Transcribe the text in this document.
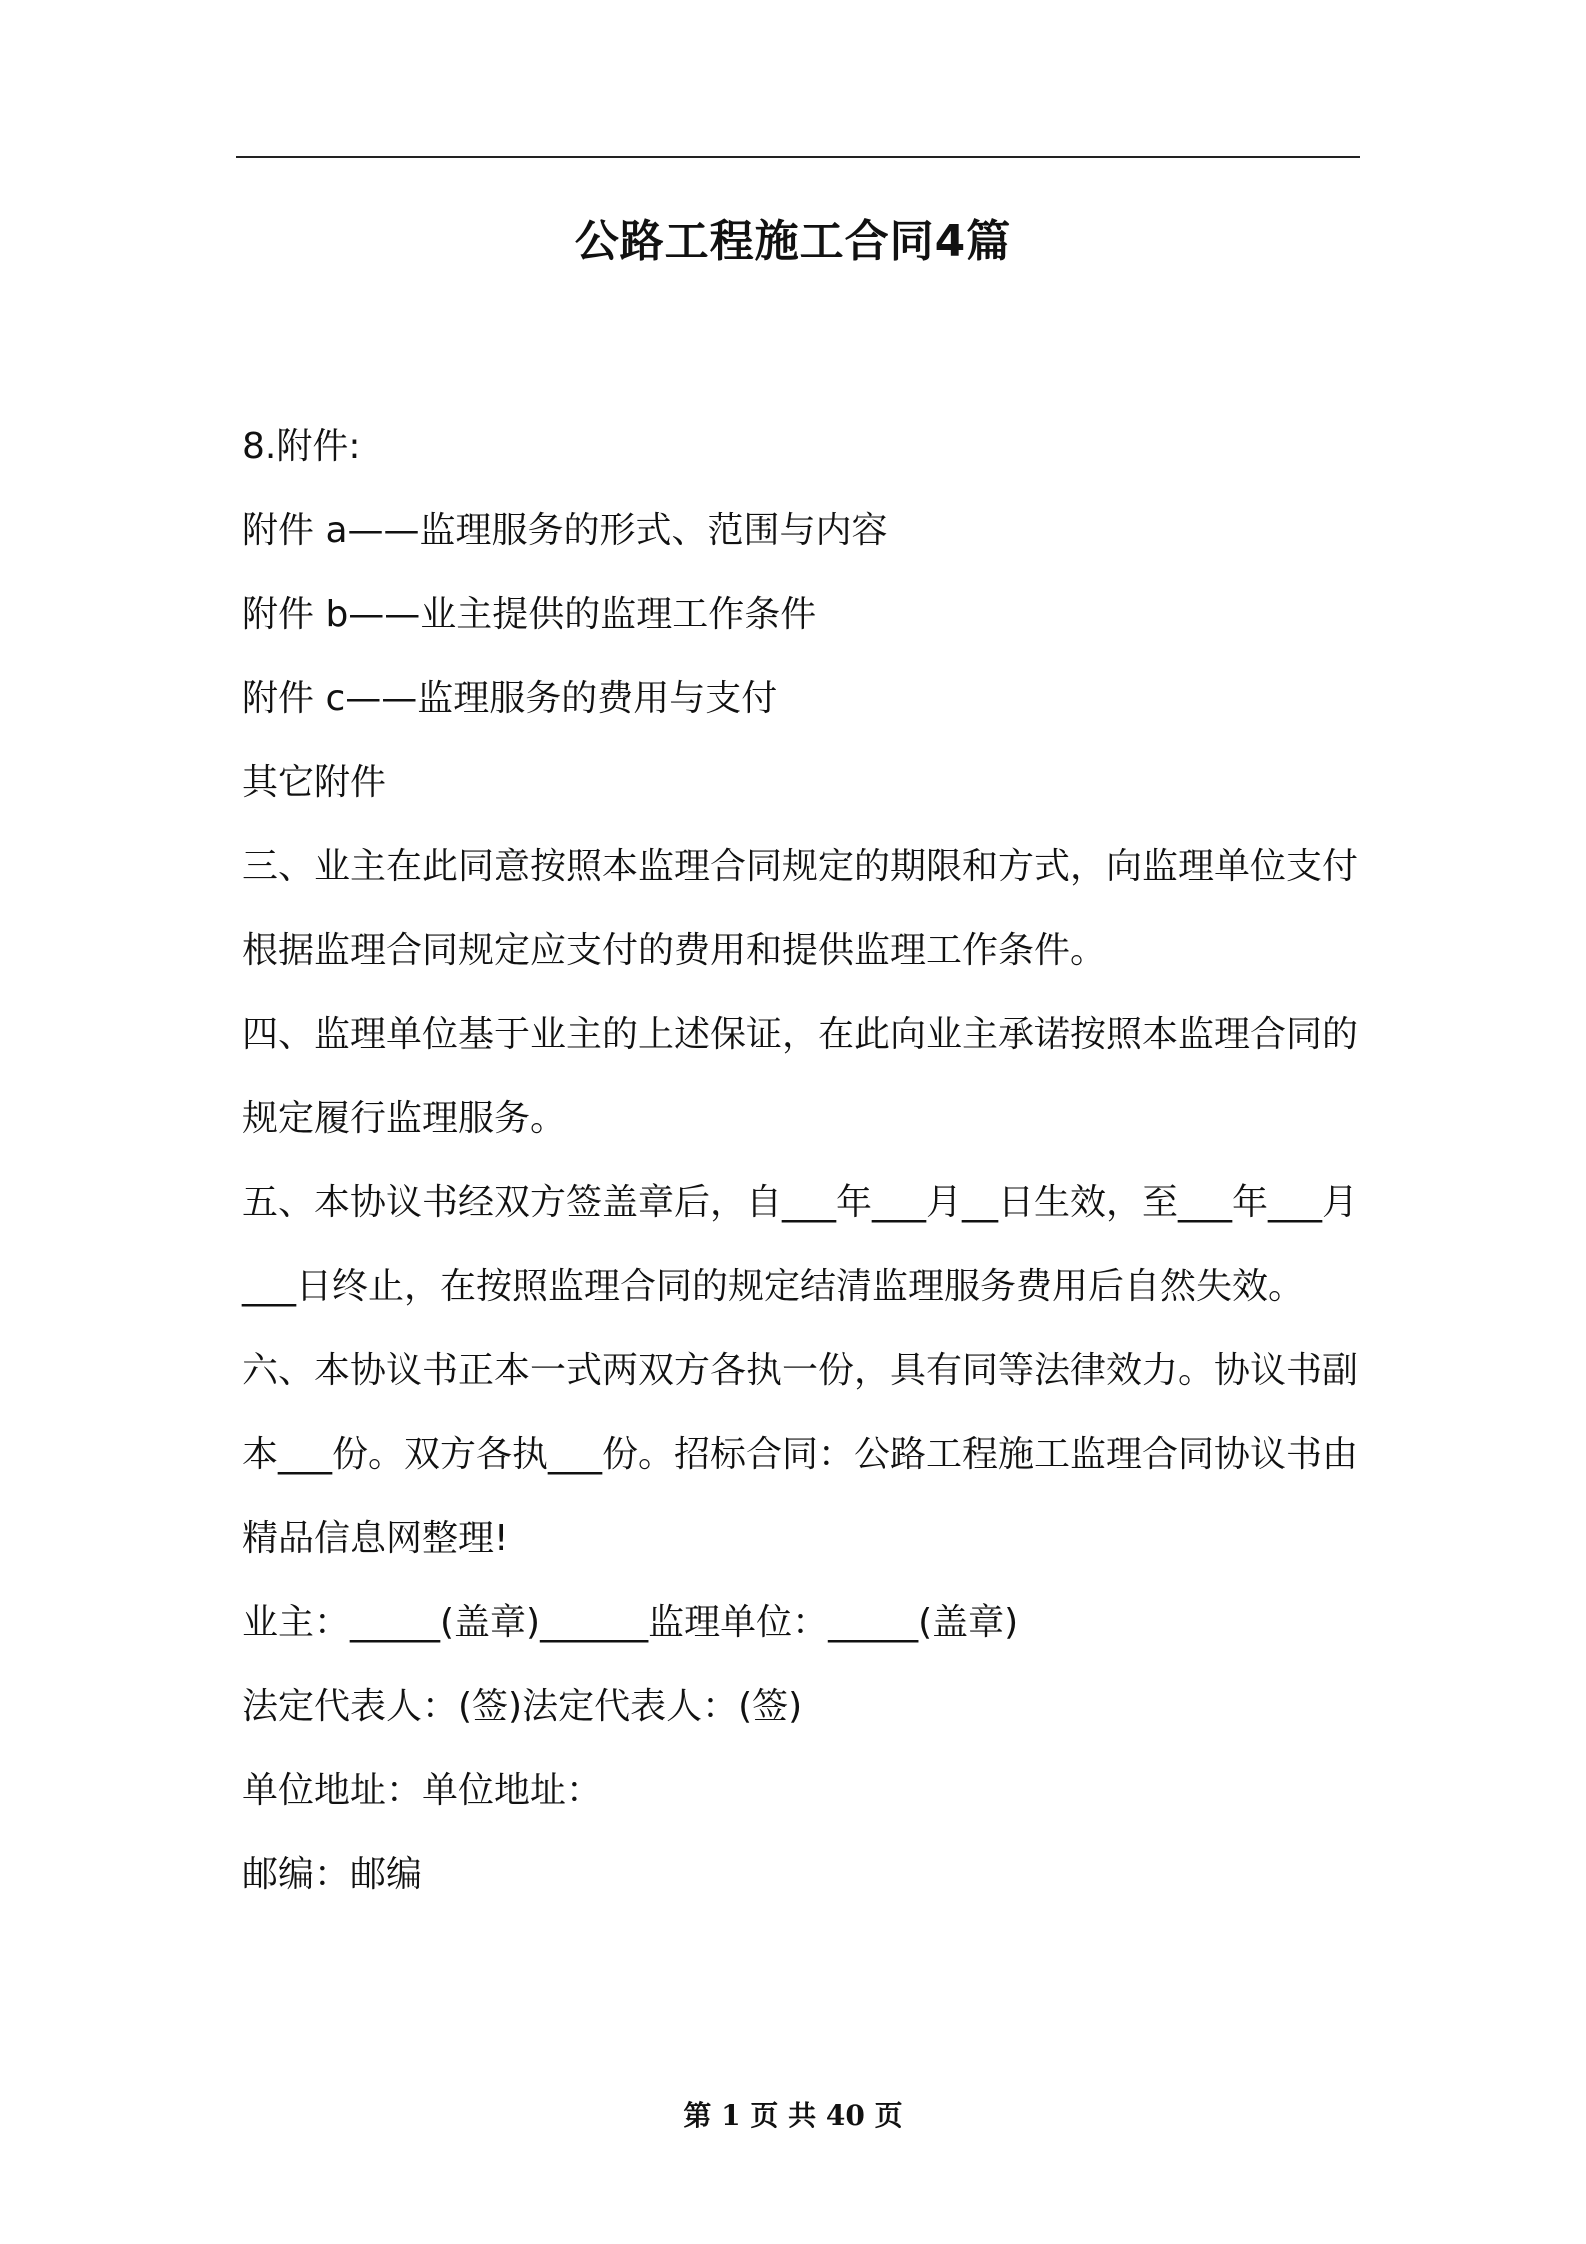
公路工程施工合同4篇

8.附件:

附件 a——监理服务的形式、范围与内容

附件 b——业主提供的监理工作条件

附件 c——监理服务的费用与支付

其它附件

三、业主在此同意按照本监理合同规定的期限和方式，向监理单位支付根据监理合同规定应支付的费用和提供监理工作条件。

四、监理单位基于业主的上述保证，在此向业主承诺按照本监理合同的规定履行监理服务。

五、本协议书经双方签盖章后，自___年___月__日生效，至___年___月___日终止，在按照监理合同的规定结清监理服务费用后自然失效。

六、本协议书正本一式两双方各执一份，具有同等法律效力。协议书副本___份。双方各执___份。招标合同：公路工程施工监理合同协议书由精品信息网整理!

业主：_____(盖章)______监理单位：_____(盖章)

法定代表人：(签)法定代表人：(签)

单位地址：单位地址：

邮编：邮编

第 1 页 共 40 页
